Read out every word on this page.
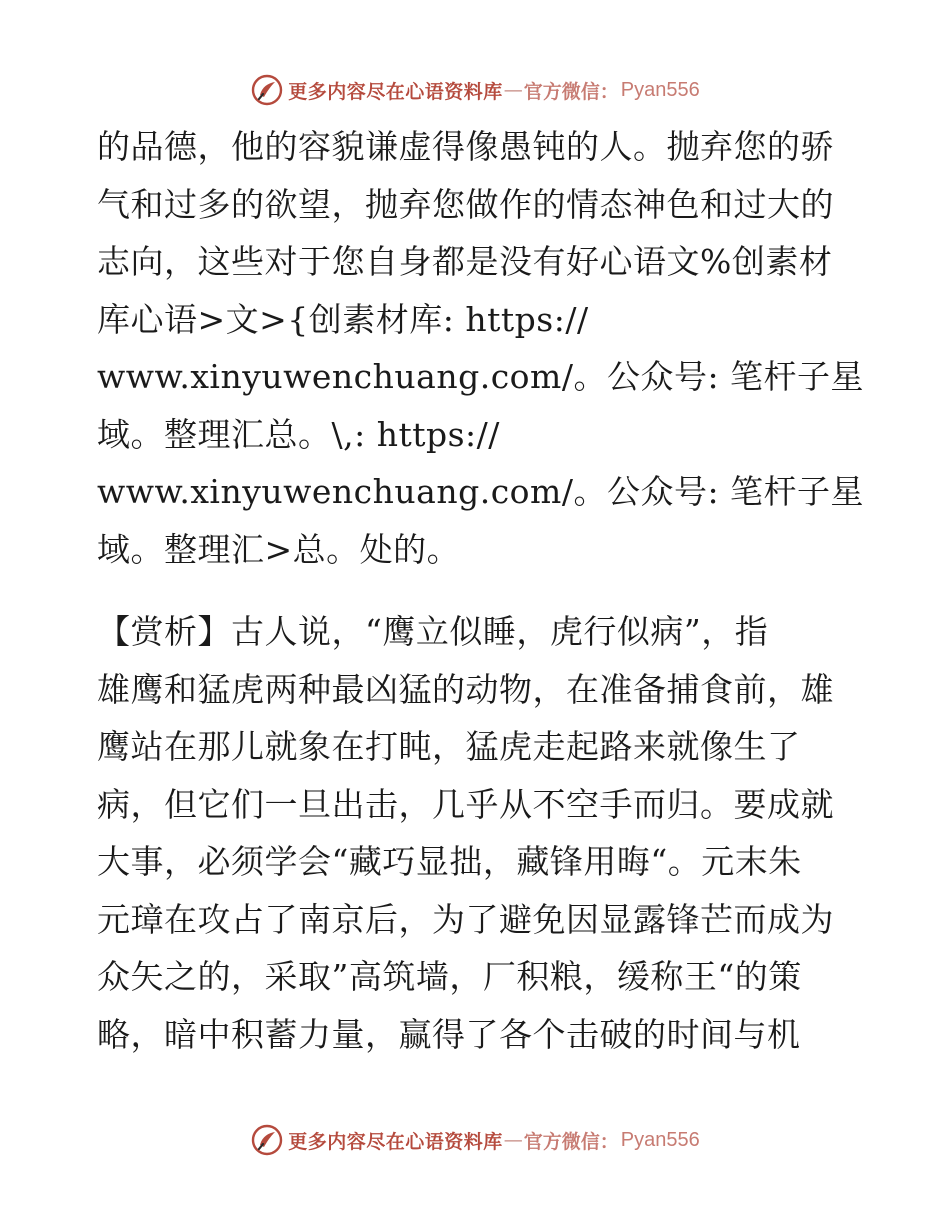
更多内容尽在心语资料库 — 官方微信： Pyan556
的品德，他的容貌谦虚得像愚钝的人。抛弃您的骄
气和过多的欲望，抛弃您做作的情态神色和过大的
志向，这些对于您自身都是没有好心语文%创素材
库心语>文>{创素材库: https://
www.xinyuwenchuang.com/。公众号: 笔杆子星
域。整理汇总。\,: https://
www.xinyuwenchuang.com/。公众号: 笔杆子星
域。整理汇>总。处的。
【赏析】古人说，“鹰立似睡，虎行似病”，指
雄鹰和猛虎两种最凶猛的动物，在准备捕食前，雄
鹰站在那儿就象在打盹，猛虎走起路来就像生了
病，但它们一旦出击，几乎从不空手而归。要成就
大事，必须学会“藏巧显拙，藏锋用晦“。元末朱
元璋在攻占了南京后，为了避免因显露锋芒而成为
众矢之的，采取”高筑墙，厂积粮，缓称王“的策
略，暗中积蓄力量，赢得了各个击破的时间与机
更多内容尽在心语资料库 — 官方微信： Pyan556
